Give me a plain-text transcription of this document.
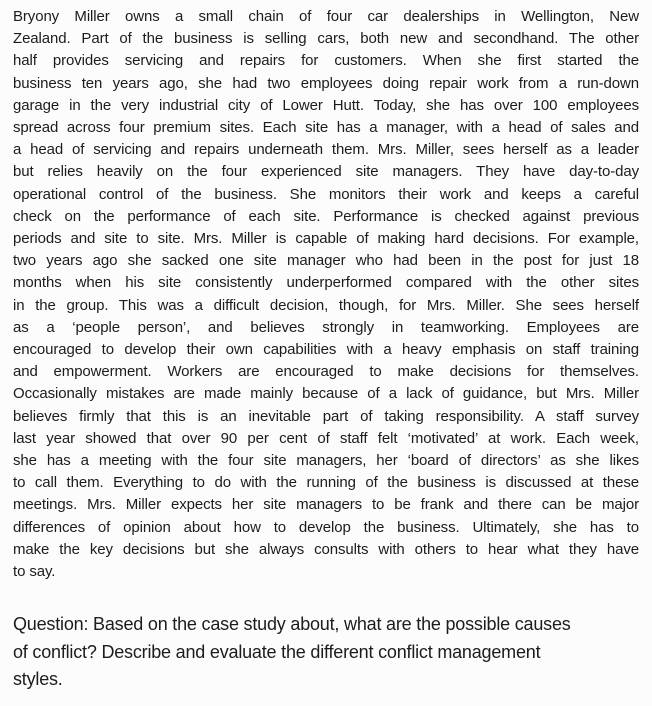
Bryony Miller owns a small chain of four car dealerships in Wellington, New
Zealand. Part of the business is selling cars, both new and secondhand. The other
half provides servicing and repairs for customers. When she first started the
business ten years ago, she had two employees doing repair work from a run-down
garage in the very industrial city of Lower Hutt. Today, she has over 100 employees
spread across four premium sites. Each site has a manager, with a head of sales and
a head of servicing and repairs underneath them. Mrs. Miller, sees herself as a leader
but relies heavily on the four experienced site managers. They have day-to-day
operational control of the business. She monitors their work and keeps a careful
check on the performance of each site. Performance is checked against previous
periods and site to site. Mrs. Miller is capable of making hard decisions. For example,
two years ago she sacked one site manager who had been in the post for just 18
months when his site consistently underperformed compared with the other sites
in the group. This was a difficult decision, though, for Mrs. Miller. She sees herself
as a ‘people person’, and believes strongly in teamworking. Employees are
encouraged to develop their own capabilities with a heavy emphasis on staff training
and empowerment. Workers are encouraged to make decisions for themselves.
Occasionally mistakes are made mainly because of a lack of guidance, but Mrs. Miller
believes firmly that this is an inevitable part of taking responsibility. A staff survey
last year showed that over 90 per cent of staff felt ‘motivated’ at work. Each week,
she has a meeting with the four site managers, her ‘board of directors’ as she likes
to call them. Everything to do with the running of the business is discussed at these
meetings. Mrs. Miller expects her site managers to be frank and there can be major
differences of opinion about how to develop the business. Ultimately, she has to
make the key decisions but she always consults with others to hear what they have
to say.
Question: Based on the case study about, what are the possible causes
of conflict? Describe and evaluate the different conflict management
styles.
